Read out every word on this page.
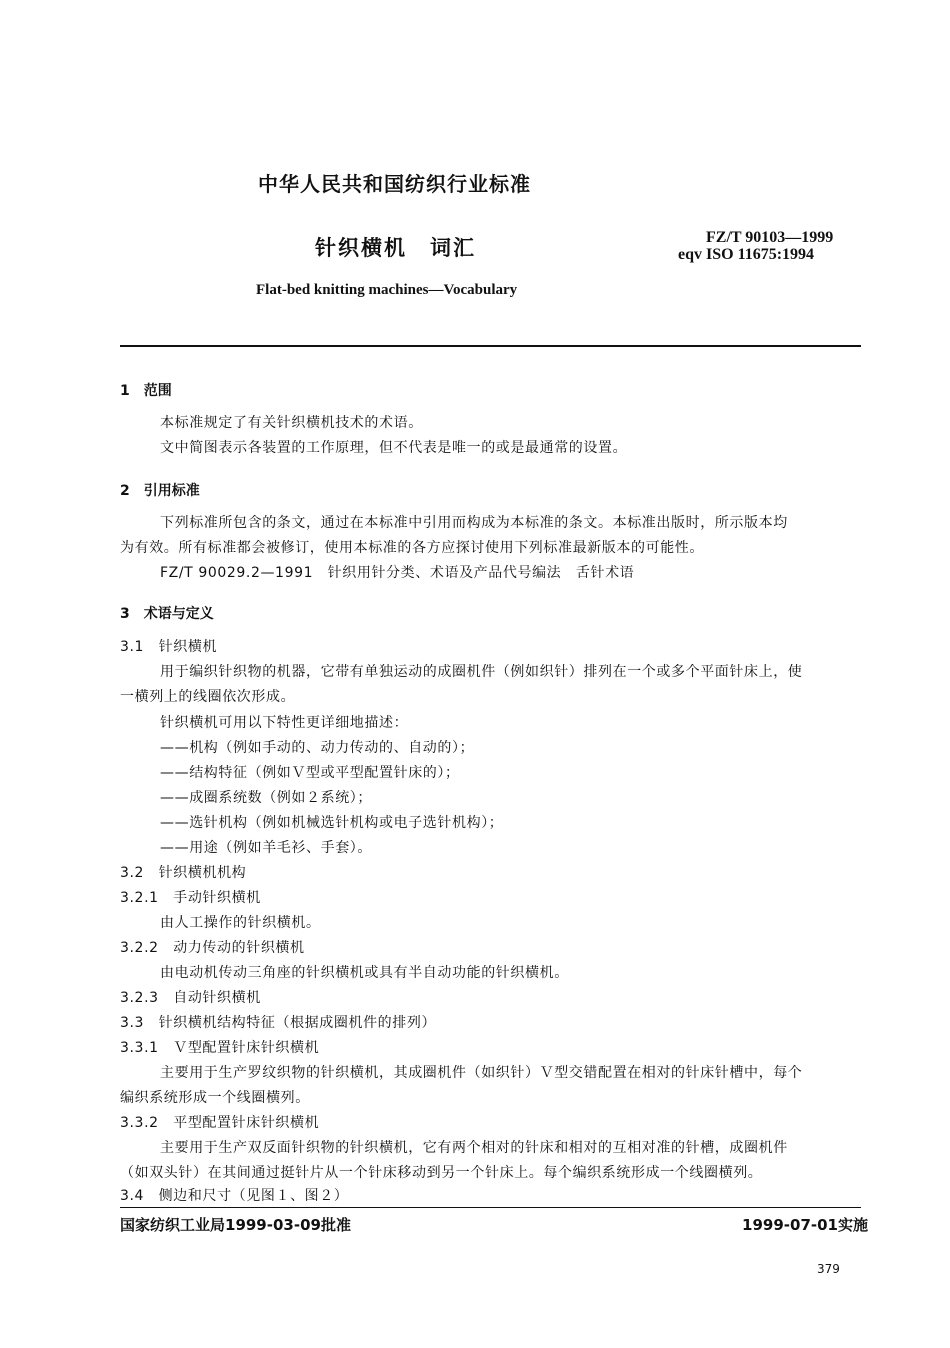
中华人民共和国纺织行业标准
针织横机　词汇	FZ/T 90103—1999
eqv ISO 11675:1994
Flat-bed knitting machines—Vocabulary
1　范围
本标准规定了有关针织横机技术的术语。
文中简图表示各装置的工作原理，但不代表是唯一的或是最通常的设置。
2　引用标准
下列标准所包含的条文，通过在本标准中引用而构成为本标准的条文。本标准出版时，所示版本均
为有效。所有标准都会被修订，使用本标准的各方应探讨使用下列标准最新版本的可能性。
FZ/T 90029.2—1991　针织用针分类、术语及产品代号编法　舌针术语
3　术语与定义
3.1　针织横机
用于编织针织物的机器，它带有单独运动的成圈机件（例如织针）排列在一个或多个平面针床上，使
一横列上的线圈依次形成。
针织横机可用以下特性更详细地描述：
——机构（例如手动的、动力传动的、自动的）；
——结构特征（例如Ｖ型或平型配置针床的）；
——成圈系统数（例如２系统）；
——选针机构（例如机械选针机构或电子选针机构）；
——用途（例如羊毛衫、手套）。
3.2　针织横机机构
3.2.1　手动针织横机
由人工操作的针织横机。
3.2.2　动力传动的针织横机
由电动机传动三角座的针织横机或具有半自动功能的针织横机。
3.2.3　自动针织横机
3.3　针织横机结构特征（根据成圈机件的排列）
3.3.1　Ｖ型配置针床针织横机
主要用于生产罗纹织物的针织横机，其成圈机件（如织针）Ｖ型交错配置在相对的针床针槽中，每个
编织系统形成一个线圈横列。
3.3.2　平型配置针床针织横机
主要用于生产双反面针织物的针织横机，它有两个相对的针床和相对的互相对准的针槽，成圈机件
（如双头针）在其间通过挺针片从一个针床移动到另一个针床上。每个编织系统形成一个线圈横列。
3.4　侧边和尺寸（见图１、图２）
国家纺织工业局1999-03-09批准	1999-07-01实施
379
